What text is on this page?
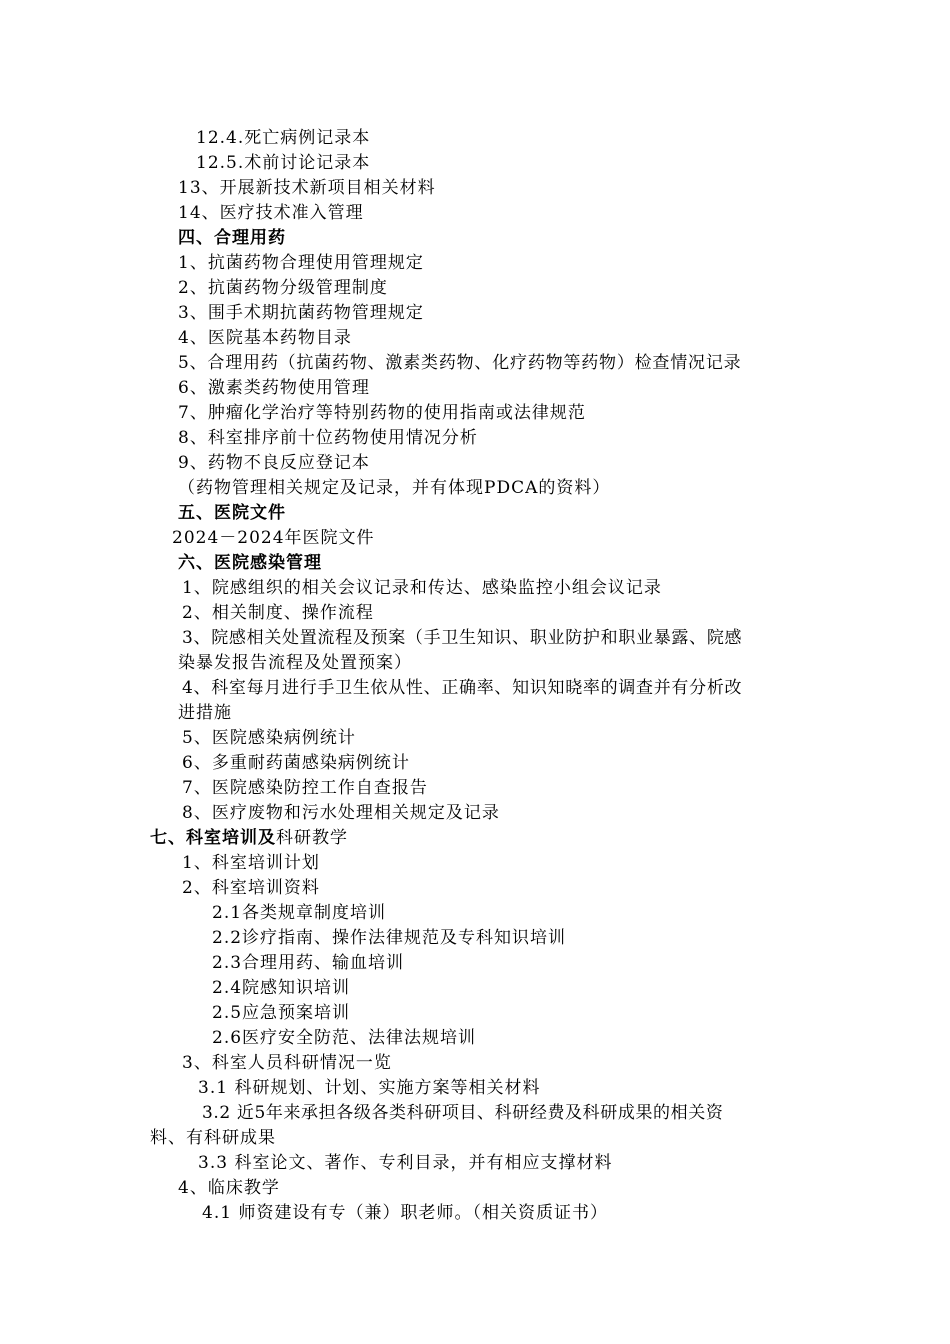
12.4.死亡病例记录本
12.5.术前讨论记录本
13、开展新技术新项目相关材料
14、医疗技术准入管理
四、合理用药
1、抗菌药物合理使用管理规定
2、抗菌药物分级管理制度
3、围手术期抗菌药物管理规定
4、医院基本药物目录
5、合理用药（抗菌药物、激素类药物、化疗药物等药物）检查情况记录
6、激素类药物使用管理
7、肿瘤化学治疗等特别药物的使用指南或法律规范
8、科室排序前十位药物使用情况分析
9、药物不良反应登记本
（药物管理相关规定及记录，并有体现PDCA的资料）
五、医院文件
2024－2024年医院文件
六、医院感染管理
1、院感组织的相关会议记录和传达、感染监控小组会议记录
2、相关制度、操作流程
3、院感相关处置流程及预案（手卫生知识、职业防护和职业暴露、院感
染暴发报告流程及处置预案）
4、科室每月进行手卫生依从性、正确率、知识知晓率的调查并有分析改
进措施
5、医院感染病例统计
6、多重耐药菌感染病例统计
7、医院感染防控工作自查报告
8、医疗废物和污水处理相关规定及记录
七、科室培训及科研教学
1、科室培训计划
2、科室培训资料
2.1各类规章制度培训
2.2诊疗指南、操作法律规范及专科知识培训
2.3合理用药、输血培训
2.4院感知识培训
2.5应急预案培训
2.6医疗安全防范、法律法规培训
3、科室人员科研情况一览
3.1 科研规划、计划、实施方案等相关材料
3.2 近5年来承担各级各类科研项目、科研经费及科研成果的相关资
料、有科研成果
3.3 科室论文、著作、专利目录，并有相应支撑材料
4、临床教学
4.1 师资建设有专（兼）职老师。（相关资质证书）
